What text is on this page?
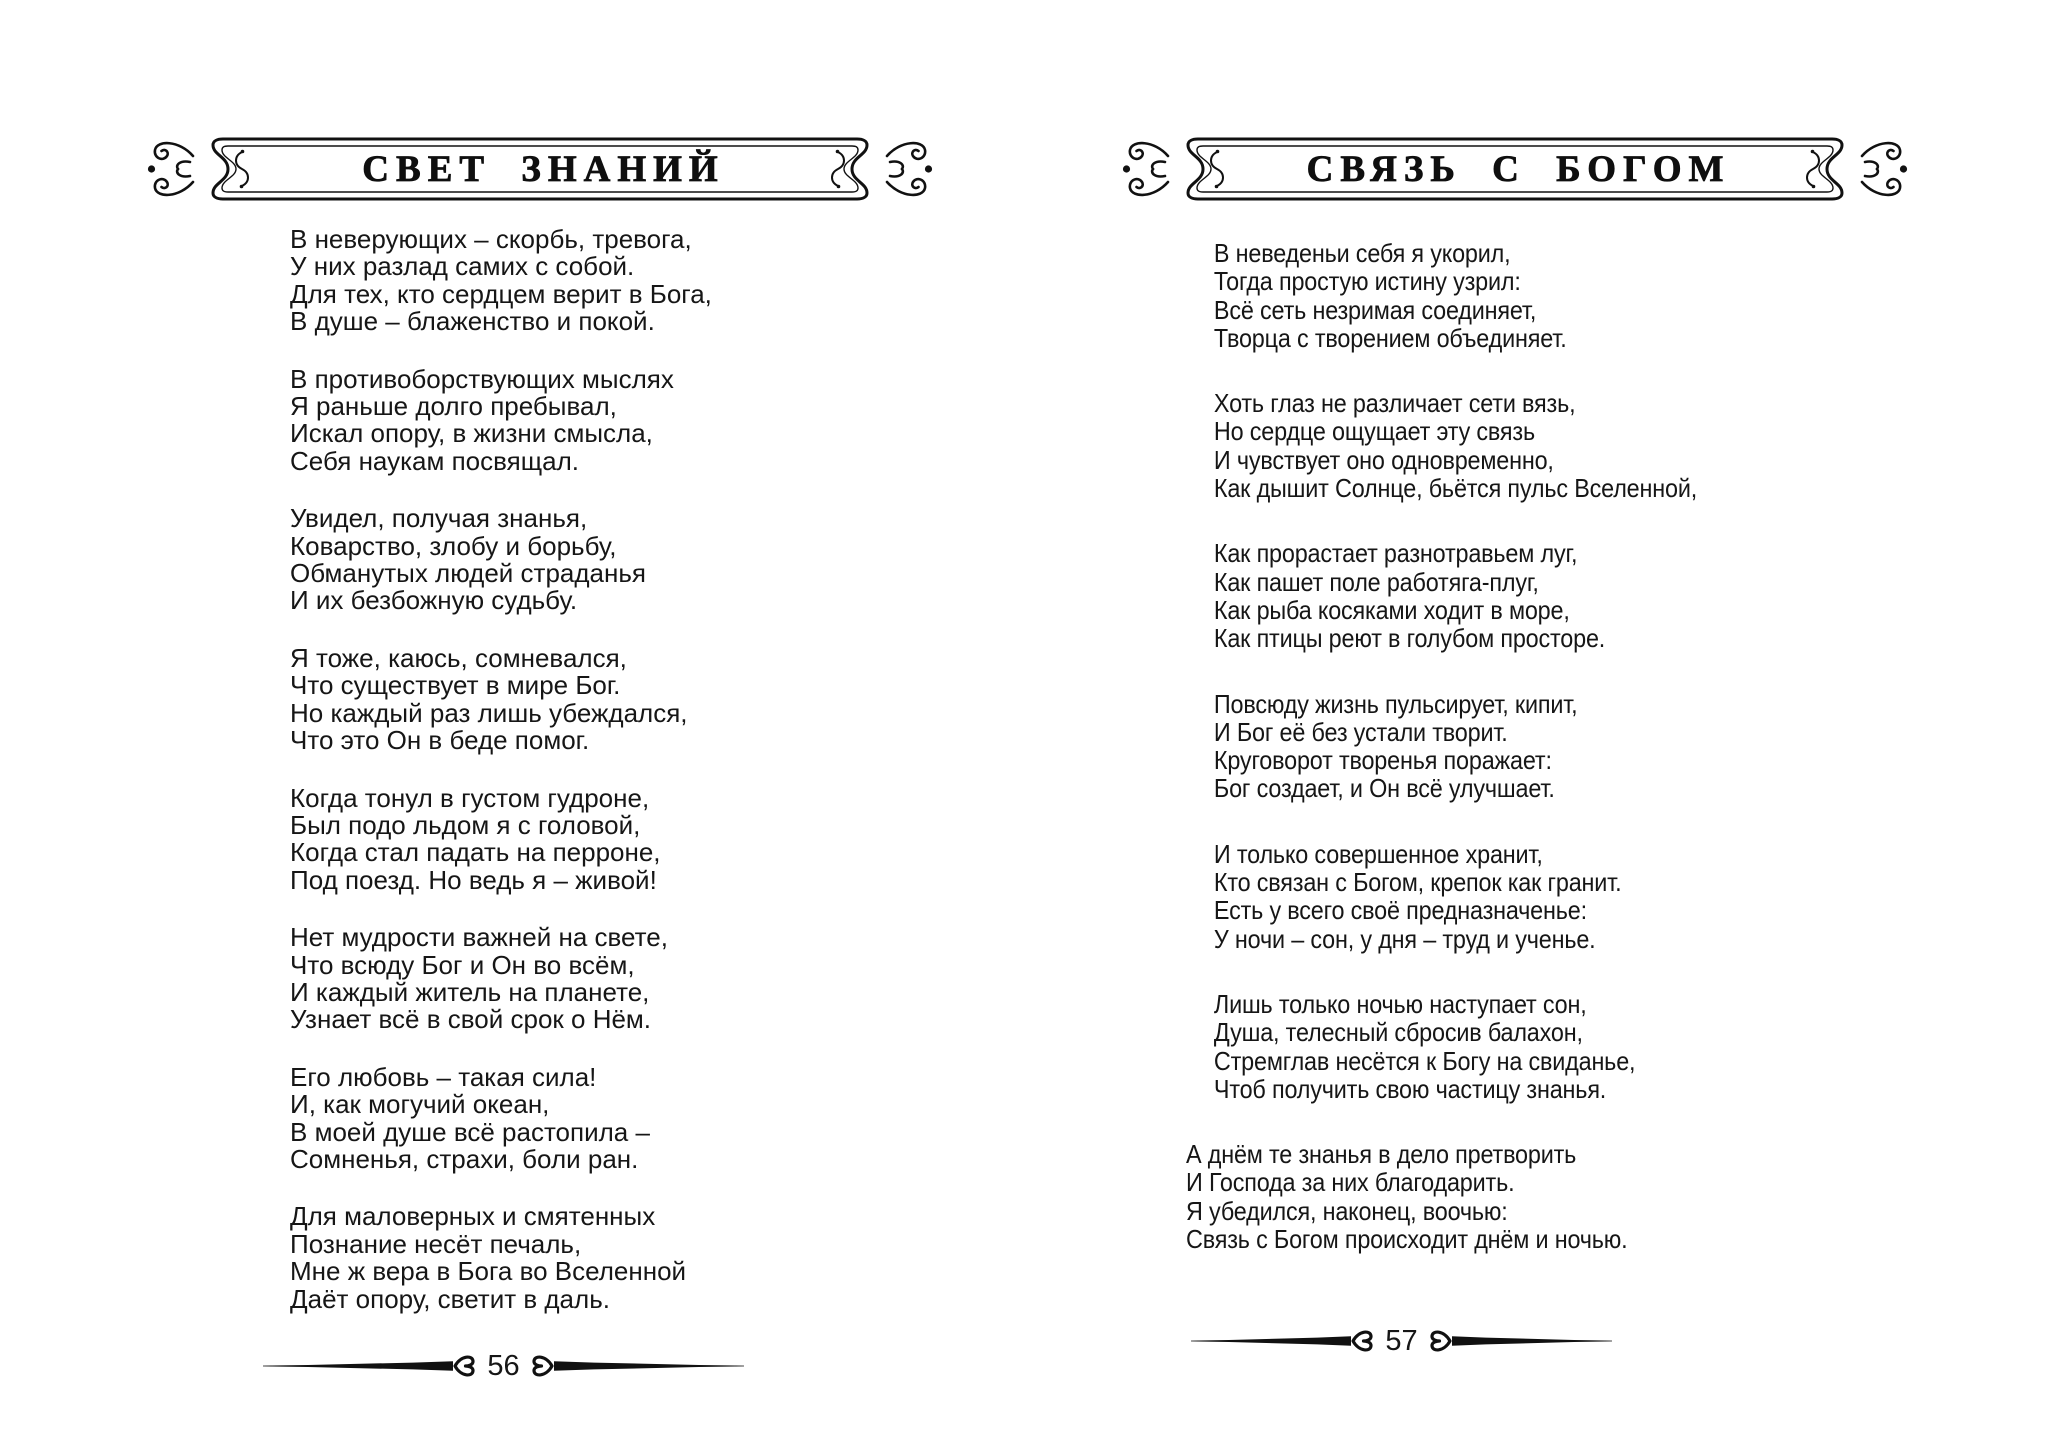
СВЕТ ЗНАНИЙ
В неверующих – скорбь, тревога,
У них разлад самих с собой.
Для тех, кто сердцем верит в Бога,
В душе – блаженство и покой.
В противоборствующих мыслях
Я раньше долго пребывал,
Искал опору, в жизни смысла,
Себя наукам посвящал.
Увидел, получая знанья,
Коварство, злобу и борьбу,
Обманутых людей страданья
И их безбожную судьбу.
Я тоже, каюсь, сомневался,
Что существует в мире Бог.
Но каждый раз лишь убеждался,
Что это Он в беде помог.
Когда тонул в густом гудроне,
Был подо льдом я с головой,
Когда стал падать на перроне,
Под поезд. Но ведь я – живой!
Нет мудрости важней на свете,
Что всюду Бог и Он во всём,
И каждый житель на планете,
Узнает всё в свой срок о Нём.
Его любовь – такая сила!
И, как могучий океан,
В моей душе всё растопила –
Сомненья, страхи, боли ран.
Для маловерных и смятенных
Познание несёт печаль,
Мне ж вера в Бога во Вселенной
Даёт опору, светит в даль.
56
СВЯЗЬ С БОГОМ
В неведеньи себя я укорил,
Тогда простую истину узрил:
Всё сеть незримая соединяет,
Творца с творением объединяет.
Хоть глаз не различает сети вязь,
Но сердце ощущает эту связь
И чувствует оно одновременно,
Как дышит Солнце, бьётся пульс Вселенной,
Как прорастает разнотравьем луг,
Как пашет поле работяга-плуг,
Как рыба косяками ходит в море,
Как птицы реют в голубом просторе.
Повсюду жизнь пульсирует, кипит,
И Бог её без устали творит.
Круговорот творенья поражает:
Бог создает, и Он всё улучшает.
И только совершенное хранит,
Кто связан с Богом, крепок как гранит.
Есть у всего своё предназначенье:
У ночи – сон, у дня – труд и ученье.
Лишь только ночью наступает сон,
Душа, телесный сбросив балахон,
Стремглав несётся к Богу на свиданье,
Чтоб получить свою частицу знанья.
А днём те знанья в дело претворить
И Господа за них благодарить.
Я убедился, наконец, воочью:
Связь с Богом происходит днём и ночью.
57
